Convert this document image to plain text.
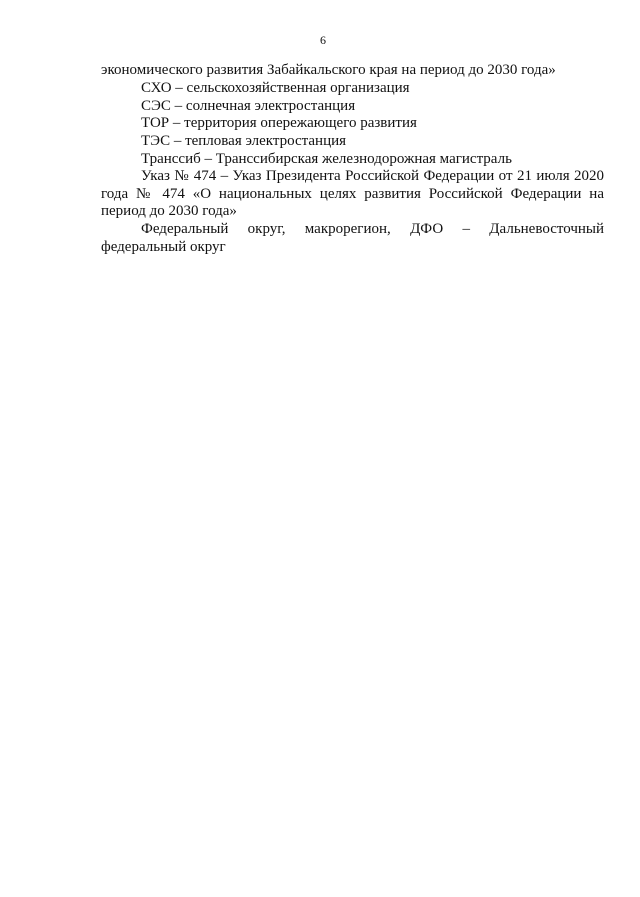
6
экономического развития Забайкальского края на период до 2030 года»
СХО – сельскохозяйственная организация
СЭС – солнечная электростанция
ТОР – территория опережающего развития
ТЭС – тепловая электростанция
Транссиб – Транссибирская железнодорожная магистраль
Указ № 474 – Указ Президента Российской Федерации от 21 июля 2020
года № 474 «О национальных целях развития Российской Федерации на
период до 2030 года»
Федеральный округ, макрорегион, ДФО – Дальневосточный
федеральный округ
